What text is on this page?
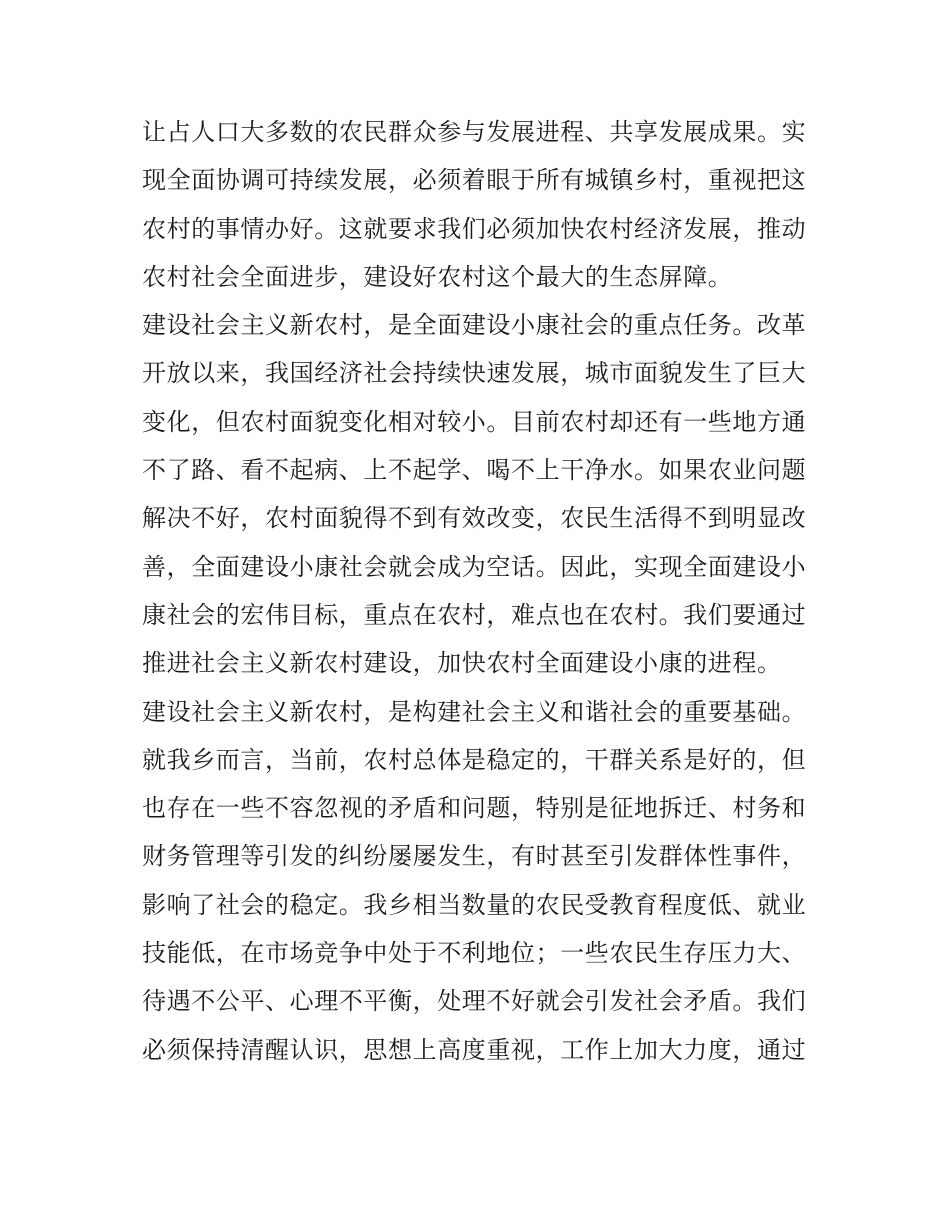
让占人口大多数的农民群众参与发展进程、共享发展成果。实
现全面协调可持续发展，必须着眼于所有城镇乡村，重视把这
农村的事情办好。这就要求我们必须加快农村经济发展，推动
农村社会全面进步，建设好农村这个最大的生态屏障。
建设社会主义新农村，是全面建设小康社会的重点任务。改革
开放以来，我国经济社会持续快速发展，城市面貌发生了巨大
变化，但农村面貌变化相对较小。目前农村却还有一些地方通
不了路、看不起病、上不起学、喝不上干净水。如果农业问题
解决不好，农村面貌得不到有效改变，农民生活得不到明显改
善，全面建设小康社会就会成为空话。因此，实现全面建设小
康社会的宏伟目标，重点在农村，难点也在农村。我们要通过
推进社会主义新农村建设，加快农村全面建设小康的进程。
建设社会主义新农村，是构建社会主义和谐社会的重要基础。
就我乡而言，当前，农村总体是稳定的，干群关系是好的，但
也存在一些不容忽视的矛盾和问题，特别是征地拆迁、村务和
财务管理等引发的纠纷屡屡发生，有时甚至引发群体性事件，
影响了社会的稳定。我乡相当数量的农民受教育程度低、就业
技能低，在市场竞争中处于不利地位；一些农民生存压力大、
待遇不公平、心理不平衡，处理不好就会引发社会矛盾。我们
必须保持清醒认识，思想上高度重视，工作上加大力度，通过
